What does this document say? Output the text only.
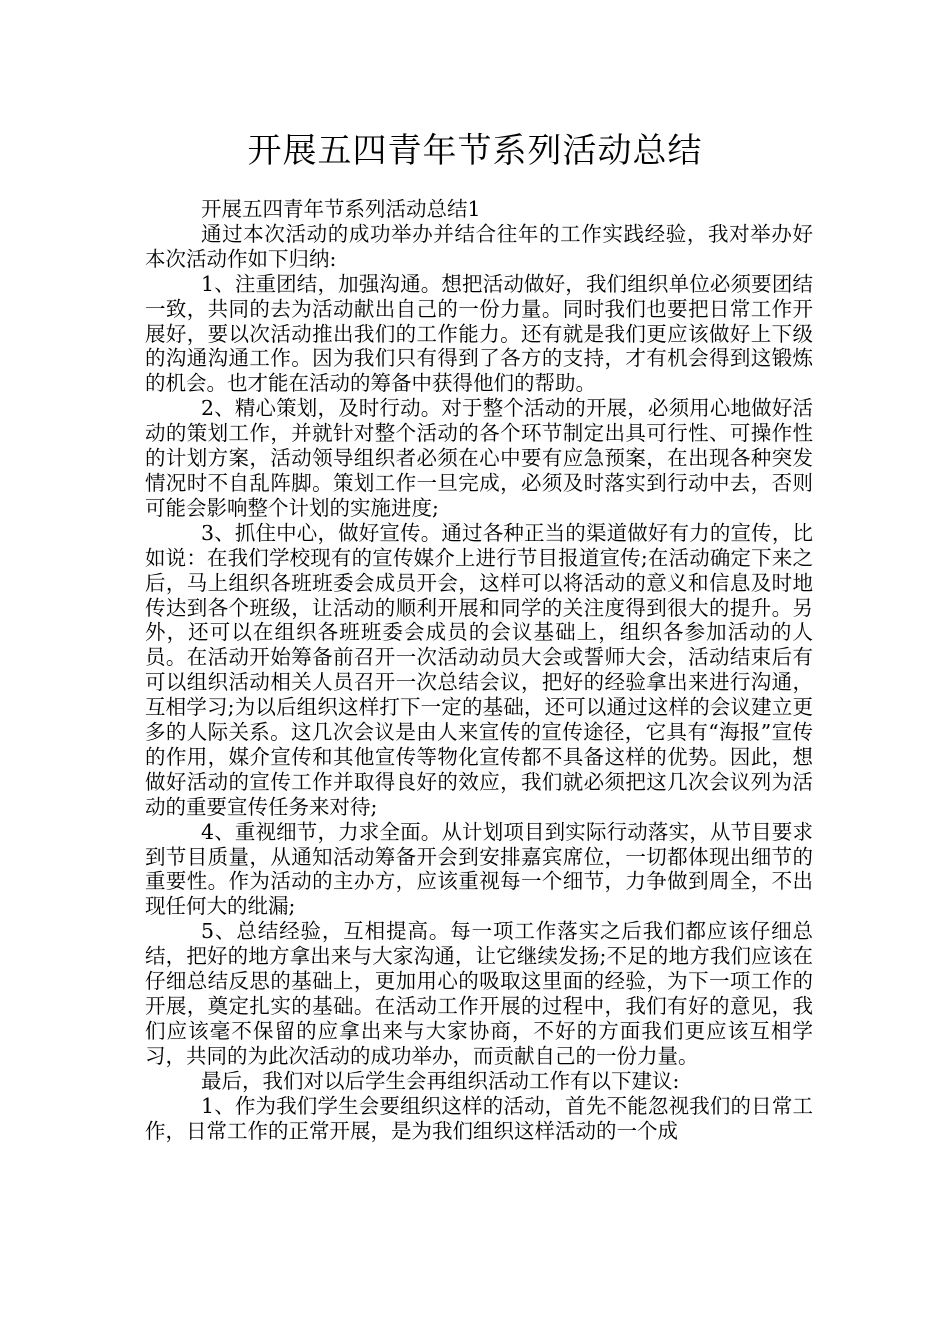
开展五四青年节系列活动总结

开展五四青年节系列活动总结1

通过本次活动的成功举办并结合往年的工作实践经验，我对举办好本次活动作如下归纳:

1、注重团结，加强沟通。想把活动做好，我们组织单位必须要团结一致，共同的去为活动献出自己的一份力量。同时我们也要把日常工作开展好，要以次活动推出我们的工作能力。还有就是我们更应该做好上下级的沟通沟通工作。因为我们只有得到了各方的支持，才有机会得到这锻炼的机会。也才能在活动的筹备中获得他们的帮助。

2、精心策划，及时行动。对于整个活动的开展，必须用心地做好活动的策划工作，并就针对整个活动的各个环节制定出具可行性、可操作性的计划方案，活动领导组织者必须在心中要有应急预案，在出现各种突发情况时不自乱阵脚。策划工作一旦完成，必须及时落实到行动中去，否则可能会影响整个计划的实施进度;

3、抓住中心，做好宣传。通过各种正当的渠道做好有力的宣传，比如说：在我们学校现有的宣传媒介上进行节目报道宣传;在活动确定下来之后，马上组织各班班委会成员开会，这样可以将活动的意义和信息及时地传达到各个班级，让活动的顺利开展和同学的关注度得到很大的提升。另外，还可以在组织各班班委会成员的会议基础上，组织各参加活动的人员。在活动开始筹备前召开一次活动动员大会或誓师大会，活动结束后有可以组织活动相关人员召开一次总结会议，把好的经验拿出来进行沟通，互相学习;为以后组织这样打下一定的基础，还可以通过这样的会议建立更多的人际关系。这几次会议是由人来宣传的宣传途径，它具有“海报”宣传的作用，媒介宣传和其他宣传等物化宣传都不具备这样的优势。因此，想做好活动的宣传工作并取得良好的效应，我们就必须把这几次会议列为活动的重要宣传任务来对待;

4、重视细节，力求全面。从计划项目到实际行动落实，从节目要求到节目质量，从通知活动筹备开会到安排嘉宾席位，一切都体现出细节的重要性。作为活动的主办方，应该重视每一个细节，力争做到周全，不出现任何大的纰漏;

5、总结经验，互相提高。每一项工作落实之后我们都应该仔细总结，把好的地方拿出来与大家沟通，让它继续发扬;不足的地方我们应该在仔细总结反思的基础上，更加用心的吸取这里面的经验，为下一项工作的开展，奠定扎实的基础。在活动工作开展的过程中，我们有好的意见，我们应该毫不保留的应拿出来与大家协商，不好的方面我们更应该互相学习，共同的为此次活动的成功举办，而贡献自己的一份力量。

最后，我们对以后学生会再组织活动工作有以下建议:

1、作为我们学生会要组织这样的活动，首先不能忽视我们的日常工作，日常工作的正常开展，是为我们组织这样活动的一个成
